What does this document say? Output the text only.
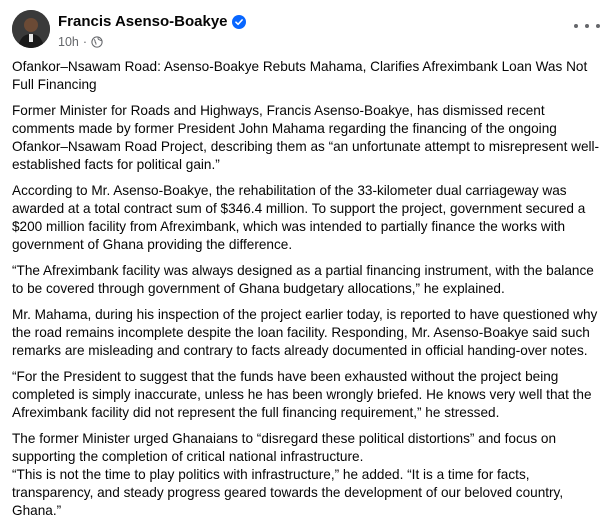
Francis Asenso-Boakye
10h ·

Ofankor–Nsawam Road: Asenso-Boakye Rebuts Mahama, Clarifies Afreximbank Loan Was Not Full Financing

Former Minister for Roads and Highways, Francis Asenso-Boakye, has dismissed recent comments made by former President John Mahama regarding the financing of the ongoing Ofankor–Nsawam Road Project, describing them as “an unfortunate attempt to misrepresent well-established facts for political gain.”

According to Mr. Asenso-Boakye, the rehabilitation of the 33-kilometer dual carriageway was awarded at a total contract sum of $346.4 million. To support the project, government secured a $200 million facility from Afreximbank, which was intended to partially finance the works with government of Ghana providing the difference.

“The Afreximbank facility was always designed as a partial financing instrument, with the balance to be covered through government of Ghana budgetary allocations,” he explained.

Mr. Mahama, during his inspection of the project earlier today, is reported to have questioned why the road remains incomplete despite the loan facility. Responding, Mr. Asenso-Boakye said such remarks are misleading and contrary to facts already documented in official handing-over notes.

“For the President to suggest that the funds have been exhausted without the project being completed is simply inaccurate, unless he has been wrongly briefed. He knows very well that the Afreximbank facility did not represent the full financing requirement,” he stressed.

The former Minister urged Ghanaians to “disregard these political distortions” and focus on supporting the completion of critical national infrastructure.

“This is not the time to play politics with infrastructure,” he added. “It is a time for facts, transparency, and steady progress geared towards the development of our beloved country, Ghana.”
